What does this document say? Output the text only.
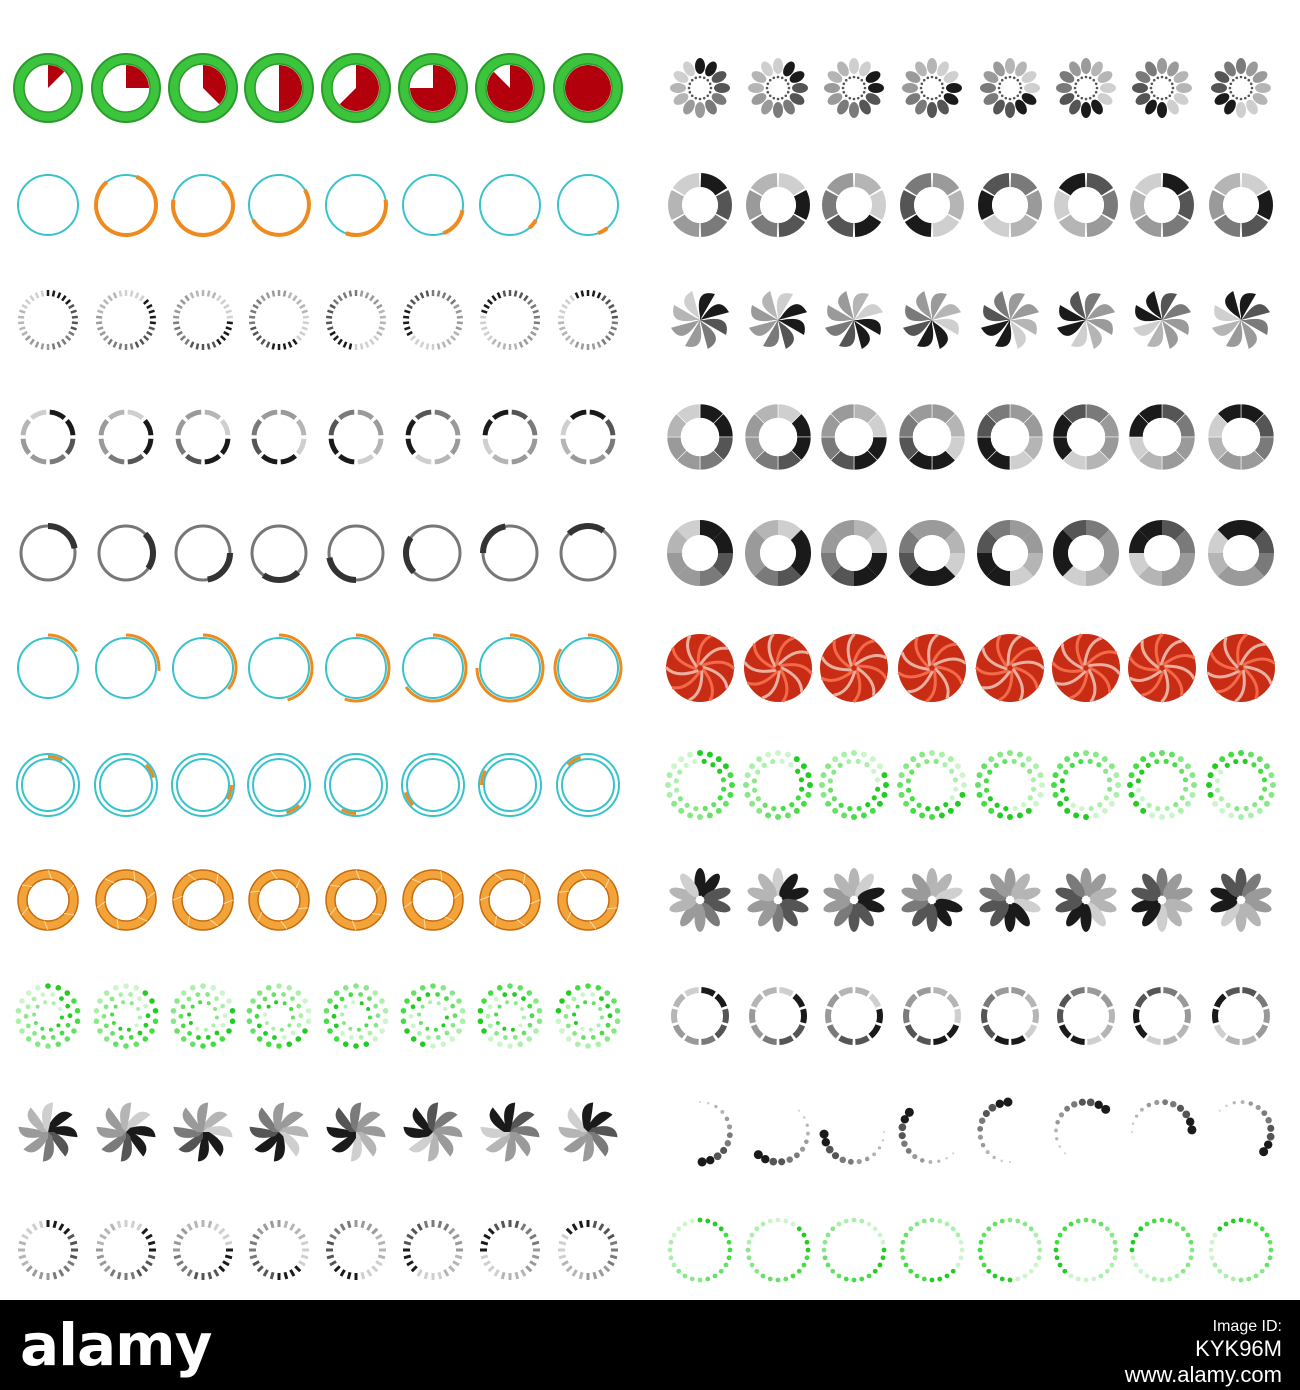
alamy	Image ID:
KYK96M
www.alamy.com
